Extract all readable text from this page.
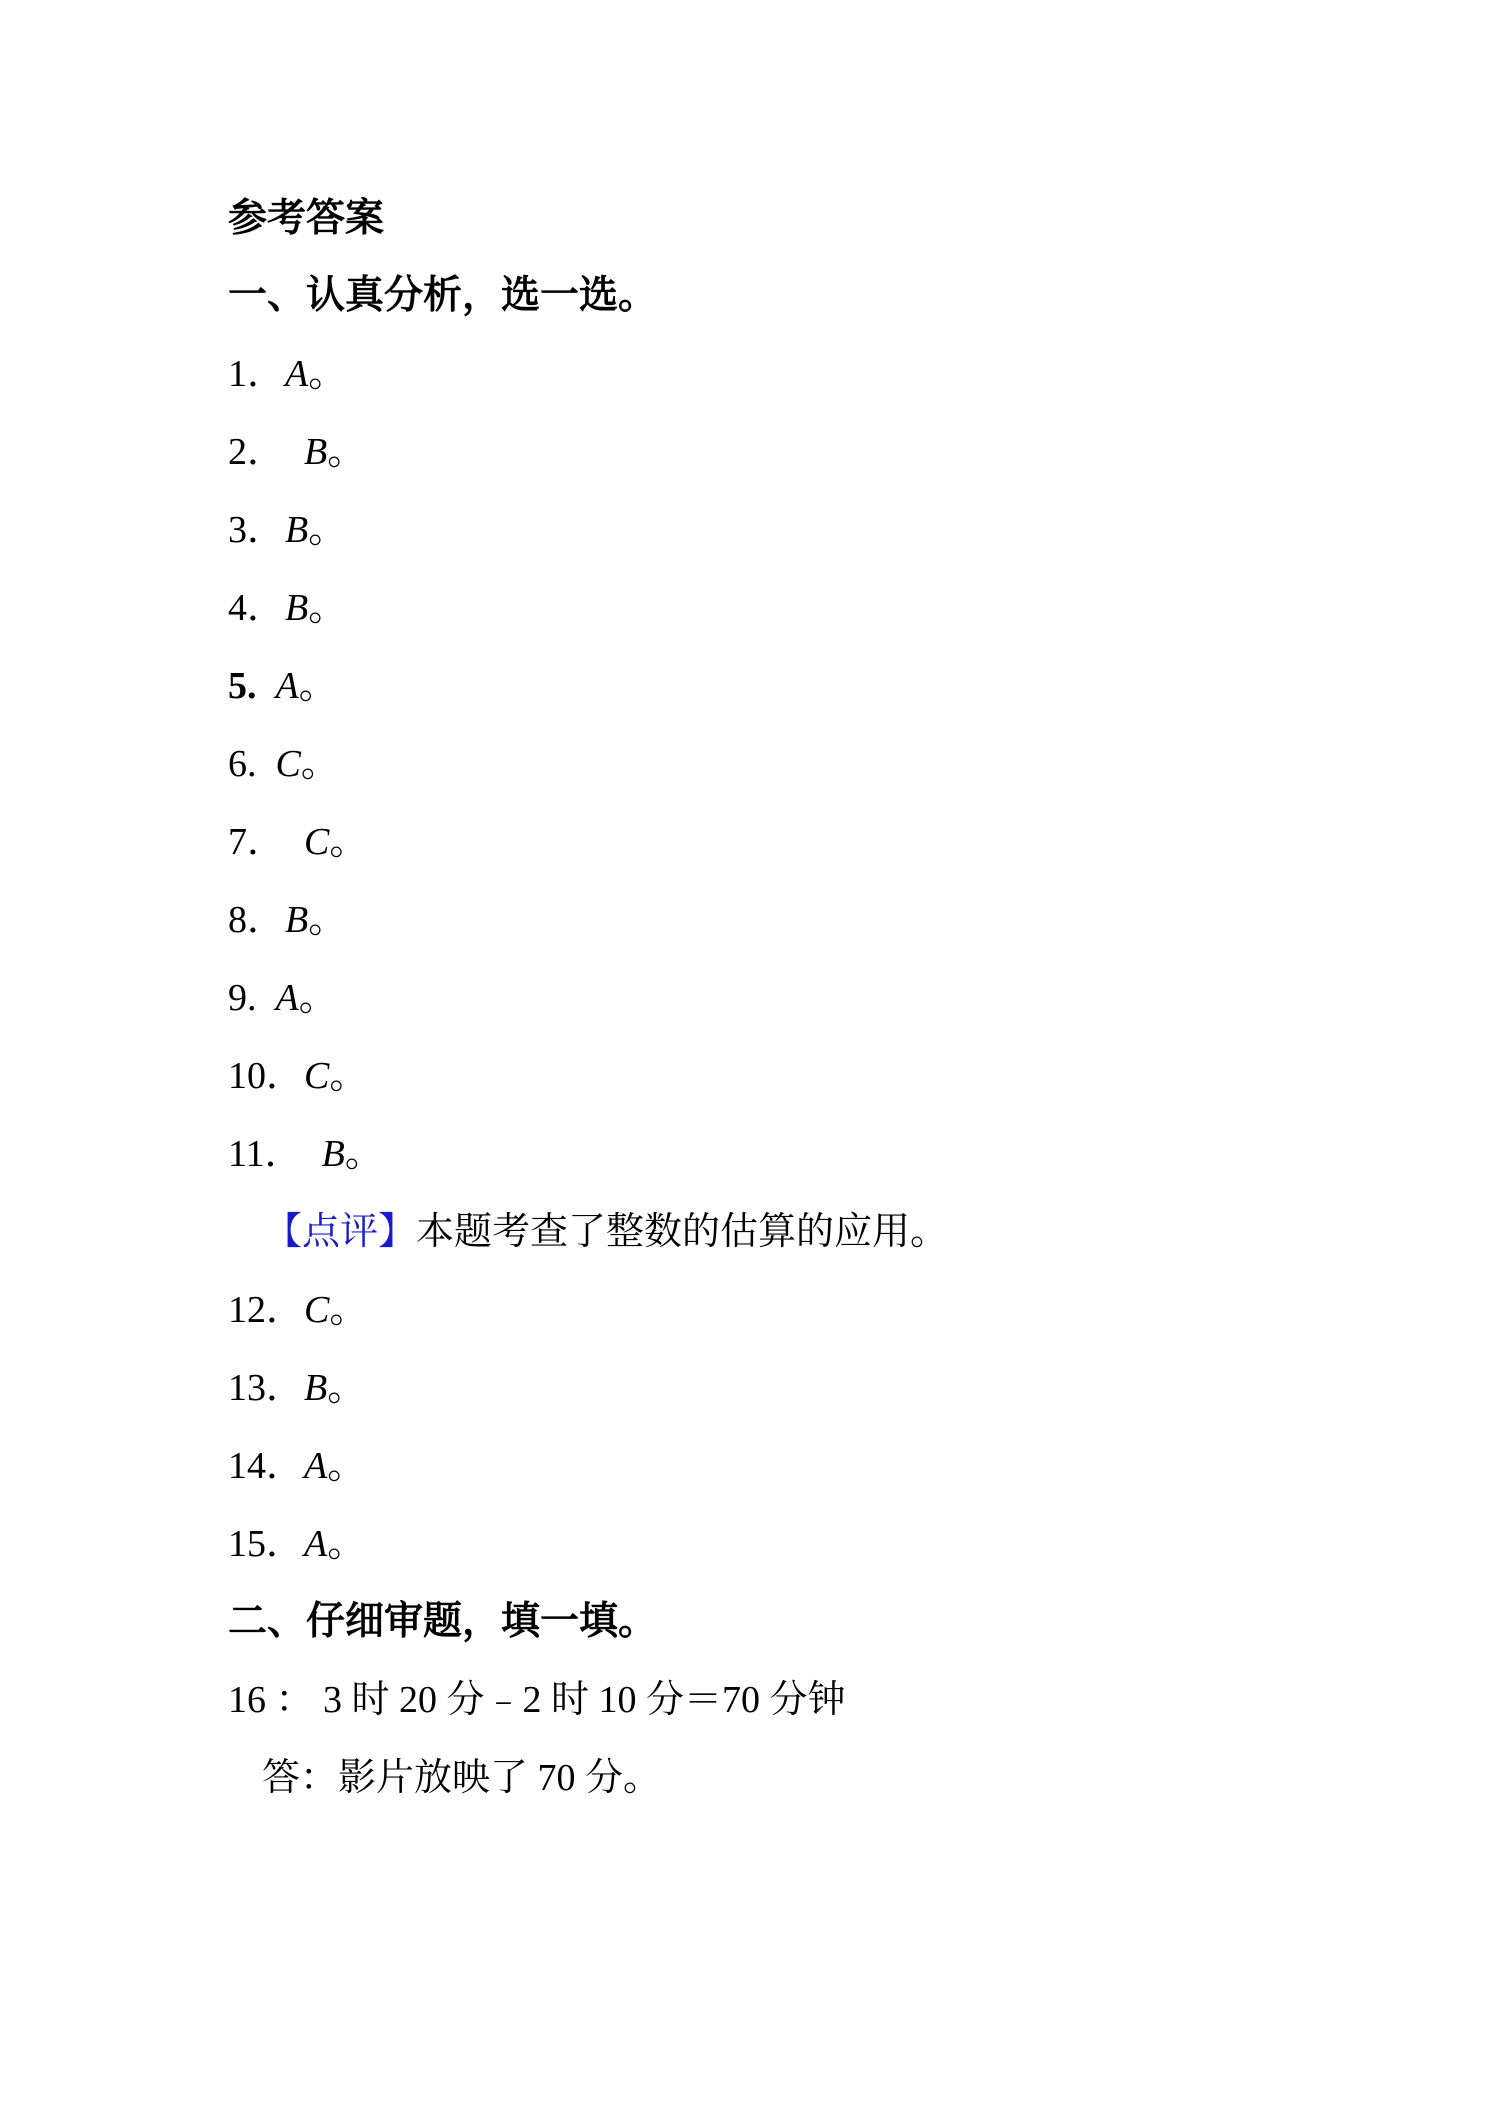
参考答案
一、认真分析，选一选。
1．A。
2．  B。
3．B。
4．B。
5.  A。
6.  C。
7．  C。
8．B。
9.  A。
10．C。
11．  B。
【点评】本题考查了整数的估算的应用。
12．C。
13．B。
14．A。
15．A。
二、仔细审题，填一填。
16 ： 3 时 20 分﹣2 时 10 分＝70 分钟
答：影片放映了 70 分。
